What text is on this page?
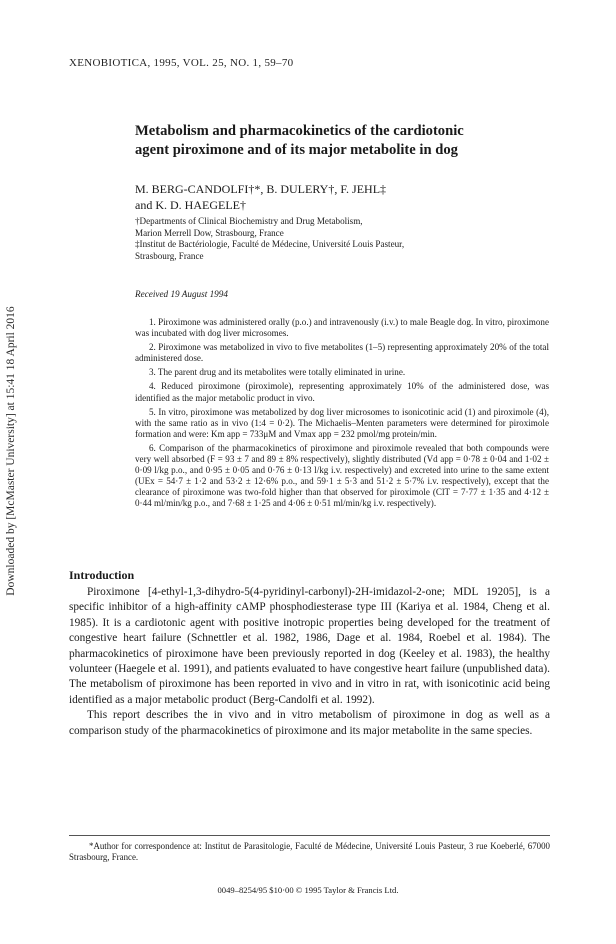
Downloaded by [McMaster University] at 15:41 18 April 2016
XENOBIOTICA, 1995, VOL. 25, NO. 1, 59–70
Metabolism and pharmacokinetics of the cardiotonic
agent piroximone and of its major metabolite in dog
M. BERG-CANDOLFI†*, B. DULERY†, F. JEHL‡
and K. D. HAEGELE†
†Departments of Clinical Biochemistry and Drug Metabolism,
Marion Merrell Dow, Strasbourg, France
‡Institut de Bactériologie, Faculté de Médecine, Université Louis Pasteur,
Strasbourg, France
Received 19 August 1994

1. Piroximone was administered orally (p.o.) and intravenously (i.v.) to male Beagle dog. In vitro, piroximone was incubated with dog liver microsomes.

2. Piroximone was metabolized in vivo to five metabolites (1–5) representing approximately 20% of the total administered dose.

3. The parent drug and its metabolites were totally eliminated in urine.

4. Reduced piroximone (piroximole), representing approximately 10% of the administered dose, was identified as the major metabolic product in vivo.

5. In vitro, piroximone was metabolized by dog liver microsomes to isonicotinic acid (1) and piroximole (4), with the same ratio as in vivo (1:4 = 0·2). The Michaelis–Menten parameters were determined for piroximole formation and were: Km app = 733μM and Vmax app = 232 pmol/mg protein/min.

6. Comparison of the pharmacokinetics of piroximone and piroximole revealed that both compounds were very well absorbed (F = 93 ± 7 and 89 ± 8% respectively), slightly distributed (Vd app = 0·78 ± 0·04 and 1·02 ± 0·09 l/kg p.o., and 0·95 ± 0·05 and 0·76 ± 0·13 l/kg i.v. respectively) and excreted into urine to the same extent (UEx = 54·7 ± 1·2 and 53·2 ± 12·6% p.o., and 59·1 ± 5·3 and 51·2 ± 5·7% i.v. respectively), except that the clearance of piroximone was two-fold higher than that observed for piroximole (ClT = 7·77 ± 1·35 and 4·12 ± 0·44 ml/min/kg p.o., and 7·68 ± 1·25 and 4·06 ± 0·51 ml/min/kg i.v. respectively).

Introduction

Piroximone [4-ethyl-1,3-dihydro-5(4-pyridinyl-carbonyl)-2H-imidazol-2-one; MDL 19205], is a specific inhibitor of a high-affinity cAMP phosphodiesterase type III (Kariya et al. 1984, Cheng et al. 1985). It is a cardiotonic agent with positive inotropic properties being developed for the treatment of congestive heart failure (Schnettler et al. 1982, 1986, Dage et al. 1984, Roebel et al. 1984). The pharmacokinetics of piroximone have been previously reported in dog (Keeley et al. 1983), the healthy volunteer (Haegele et al. 1991), and patients evaluated to have congestive heart failure (unpublished data). The metabolism of piroximone has been reported in vivo and in vitro in rat, with isonicotinic acid being identified as a major metabolic product (Berg-Candolfi et al. 1992).

This report describes the in vivo and in vitro metabolism of piroximone in dog as well as a comparison study of the pharmacokinetics of piroximone and its major metabolite in the same species.

*Author for correspondence at: Institut de Parasitologie, Faculté de Médecine, Université Louis Pasteur, 3 rue Koeberlé, 67000 Strasbourg, France.
0049–8254/95 $10·00 © 1995 Taylor & Francis Ltd.
